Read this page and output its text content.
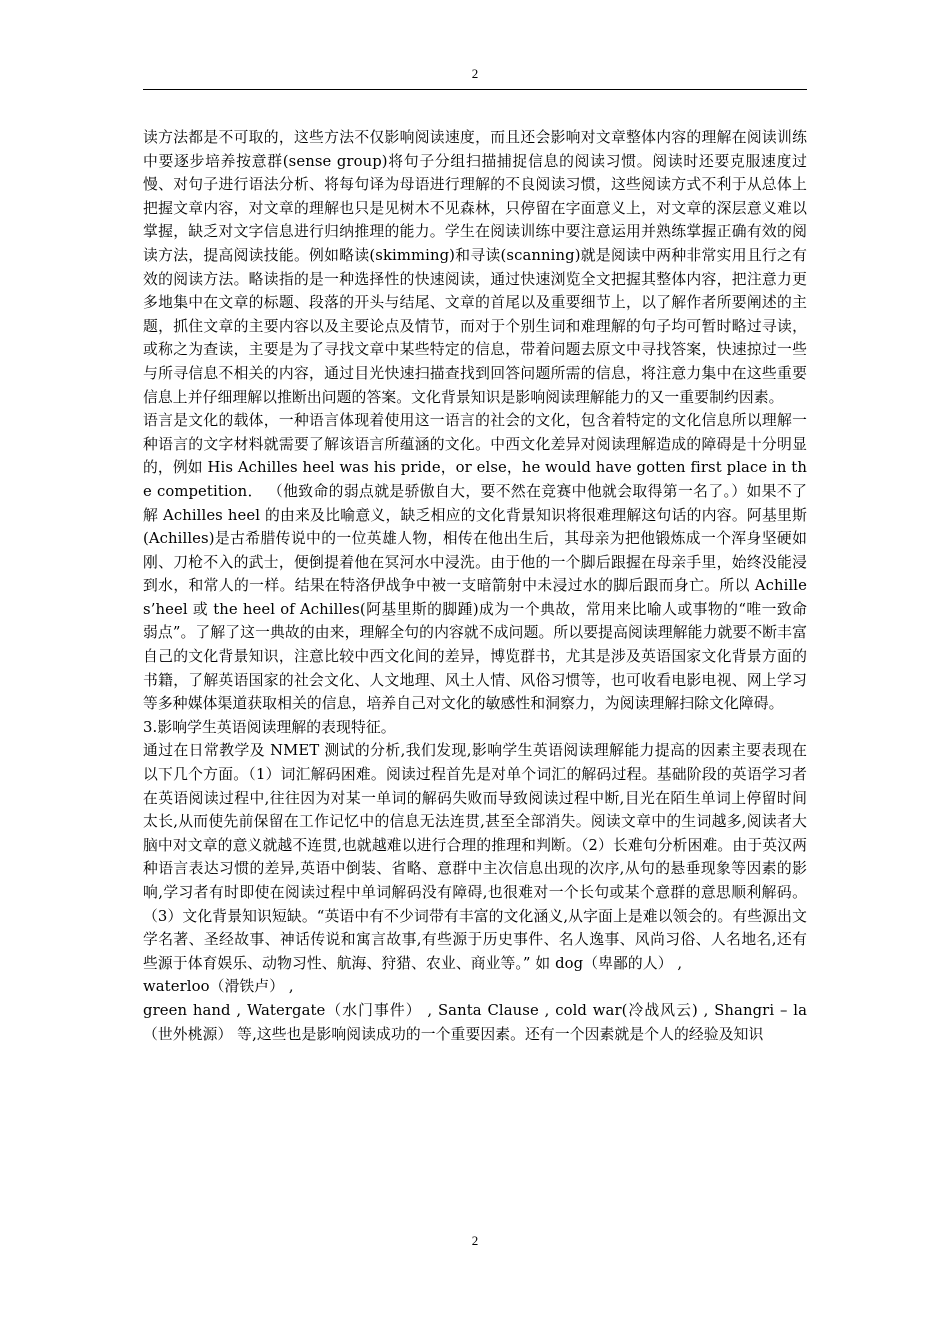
2

读方法都是不可取的，这些方法不仅影响阅读速度，而且还会影响对文章整体内容的理解在阅读训练中要逐步培养按意群(sense group)将句子分组扫描捕捉信息的阅读习惯。阅读时还要克服速度过慢、对句子进行语法分析、将每句译为母语进行理解的不良阅读习惯，这些阅读方式不利于从总体上把握文章内容，对文章的理解也只是见树木不见森林，只停留在字面意义上，对文章的深层意义难以掌握，缺乏对文字信息进行归纳推理的能力。学生在阅读训练中要注意运用并熟练掌握正确有效的阅读方法，提高阅读技能。例如略读(skimming)和寻读(scanning)就是阅读中两种非常实用且行之有效的阅读方法。略读指的是一种选择性的快速阅读，通过快速浏览全文把握其整体内容，把注意力更多地集中在文章的标题、段落的开头与结尾、文章的首尾以及重要细节上，以了解作者所要阐述的主题，抓住文章的主要内容以及主要论点及情节，而对于个别生词和难理解的句子均可暂时略过寻读，或称之为查读，主要是为了寻找文章中某些特定的信息，带着问题去原文中寻找答案，快速掠过一些与所寻信息不相关的内容，通过目光快速扫描查找到回答问题所需的信息，将注意力集中在这些重要信息上并仔细理解以推断出问题的答案。文化背景知识是影响阅读理解能力的又一重要制约因素。

语言是文化的载体，一种语言体现着使用这一语言的社会的文化，包含着特定的文化信息所以理解一种语言的文字材料就需要了解该语言所蕴涵的文化。中西文化差异对阅读理解造成的障碍是十分明显的，例如 His Achilles heel was his pride，or else，he would have gotten first place in the competition． （他致命的弱点就是骄傲自大，要不然在竞赛中他就会取得第一名了。）如果不了解 Achilles heel 的由来及比喻意义，缺乏相应的文化背景知识将很难理解这句话的内容。阿基里斯(Achilles)是古希腊传说中的一位英雄人物，相传在他出生后，其母亲为把他锻炼成一个浑身坚硬如刚、刀枪不入的武士，便倒提着他在冥河水中浸洗。由于他的一个脚后跟握在母亲手里，始终没能浸到水，和常人的一样。结果在特洛伊战争中被一支暗箭射中未浸过水的脚后跟而身亡。所以 Achilles’heel 或 the heel of Achilles(阿基里斯的脚踵)成为一个典故，常用来比喻人或事物的“唯一致命弱点”。了解了这一典故的由来，理解全句的内容就不成问题。所以要提高阅读理解能力就要不断丰富自己的文化背景知识，注意比较中西文化间的差异，博览群书，尤其是涉及英语国家文化背景方面的书籍，了解英语国家的社会文化、人文地理、风土人情、风俗习惯等，也可收看电影电视、网上学习等多种媒体渠道获取相关的信息，培养自己对文化的敏感性和洞察力，为阅读理解扫除文化障碍。

3.影响学生英语阅读理解的表现特征。

通过在日常教学及 NMET 测试的分析,我们发现,影响学生英语阅读理解能力提高的因素主要表现在以下几个方面。（1）词汇解码困难。阅读过程首先是对单个词汇的解码过程。基础阶段的英语学习者在英语阅读过程中,往往因为对某一单词的解码失败而导致阅读过程中断,目光在陌生单词上停留时间太长,从而使先前保留在工作记忆中的信息无法连贯,甚至全部消失。阅读文章中的生词越多,阅读者大脑中对文章的意义就越不连贯,也就越难以进行合理的推理和判断。（2）长难句分析困难。由于英汉两种语言表达习惯的差异,英语中倒装、省略、意群中主次信息出现的次序,从句的悬垂现象等因素的影响,学习者有时即使在阅读过程中单词解码没有障碍,也很难对一个长句或某个意群的意思顺利解码。（3）文化背景知识短缺。“英语中有不少词带有丰富的文化涵义,从字面上是难以领会的。有些源出文学名著、圣经故事、神话传说和寓言故事,有些源于历史事件、名人逸事、风尚习俗、人名地名,还有些源于体育娱乐、动物习性、航海、狩猎、农业、商业等。” 如 dog（卑鄙的人） ,

waterloo（滑铁卢） ,

green hand , Watergate（水门事件） , Santa Clause , cold war(冷战风云) , Shangri – la（世外桃源） 等,这些也是影响阅读成功的一个重要因素。还有一个因素就是个人的经验及知识

2
